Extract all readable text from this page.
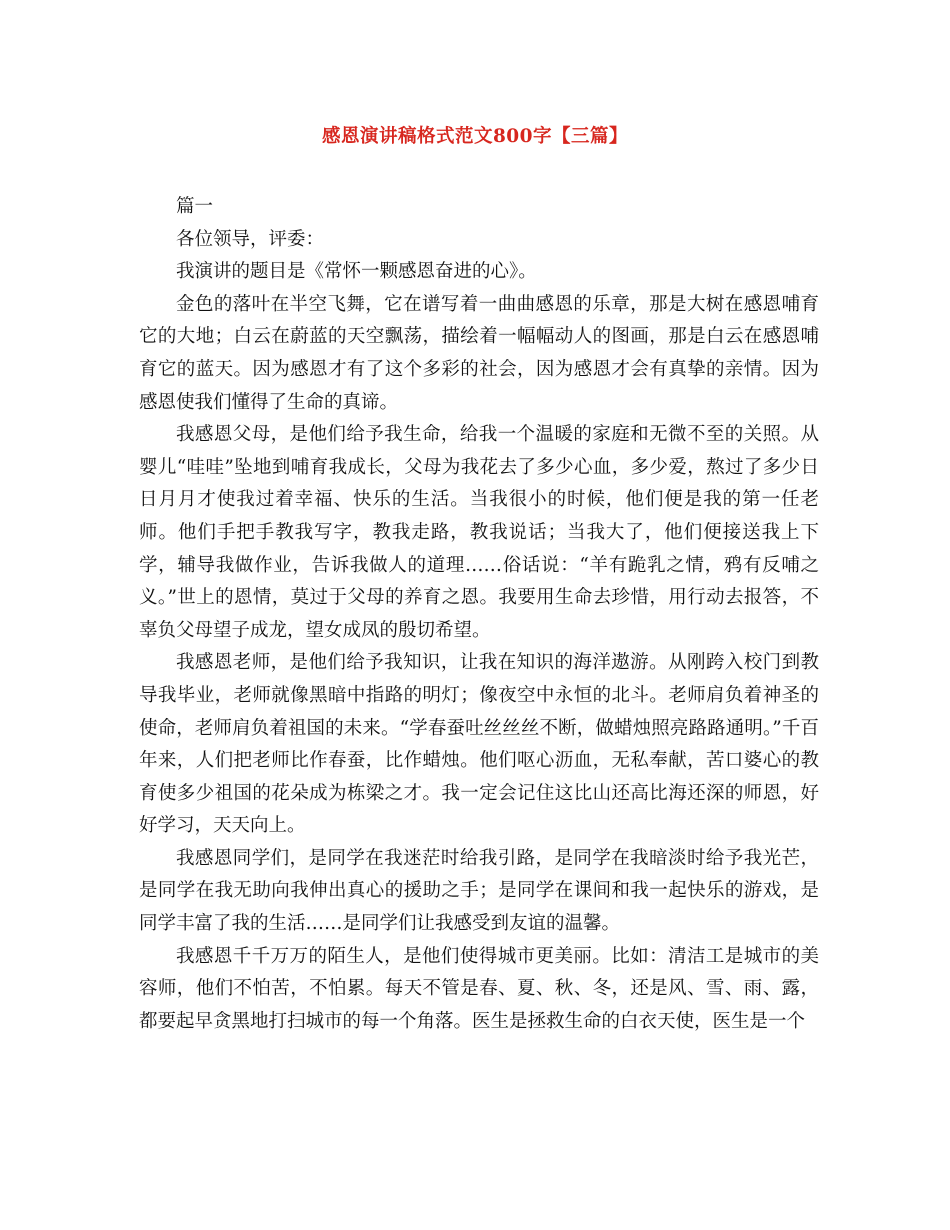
感恩演讲稿格式范文800字【三篇】

篇一

各位领导，评委：

我演讲的题目是《常怀一颗感恩奋进的心》。

金色的落叶在半空飞舞，它在谱写着一曲曲感恩的乐章，那是大树在感恩哺育它的大地；白云在蔚蓝的天空飘荡，描绘着一幅幅动人的图画，那是白云在感恩哺育它的蓝天。因为感恩才有了这个多彩的社会，因为感恩才会有真挚的亲情。因为感恩使我们懂得了生命的真谛。

我感恩父母，是他们给予我生命，给我一个温暖的家庭和无微不至的关照。从婴儿“哇哇”坠地到哺育我成长，父母为我花去了多少心血，多少爱，熬过了多少日日月月才使我过着幸福、快乐的生活。当我很小的时候，他们便是我的第一任老师。他们手把手教我写字，教我走路，教我说话；当我大了，他们便接送我上下学，辅导我做作业，告诉我做人的道理……俗话说：“羊有跪乳之情，鸦有反哺之义。”世上的恩情，莫过于父母的养育之恩。我要用生命去珍惜，用行动去报答，不辜负父母望子成龙，望女成凤的殷切希望。

我感恩老师，是他们给予我知识，让我在知识的海洋遨游。从刚跨入校门到教导我毕业，老师就像黑暗中指路的明灯；像夜空中永恒的北斗。老师肩负着神圣的使命，老师肩负着祖国的未来。“学春蚕吐丝丝丝不断，做蜡烛照亮路路通明。”千百年来，人们把老师比作春蚕，比作蜡烛。他们呕心沥血，无私奉献，苦口婆心的教育使多少祖国的花朵成为栋梁之才。我一定会记住这比山还高比海还深的师恩，好好学习，天天向上。

我感恩同学们，是同学在我迷茫时给我引路，是同学在我暗淡时给予我光芒，是同学在我无助向我伸出真心的援助之手；是同学在课间和我一起快乐的游戏，是同学丰富了我的生活……是同学们让我感受到友谊的温馨。

我感恩千千万万的陌生人，是他们使得城市更美丽。比如：清洁工是城市的美容师，他们不怕苦，不怕累。每天不管是春、夏、秋、冬，还是风、雪、雨、露，都要起早贪黑地打扫城市的每一个角落。医生是拯救生命的白衣天使，医生是一个
